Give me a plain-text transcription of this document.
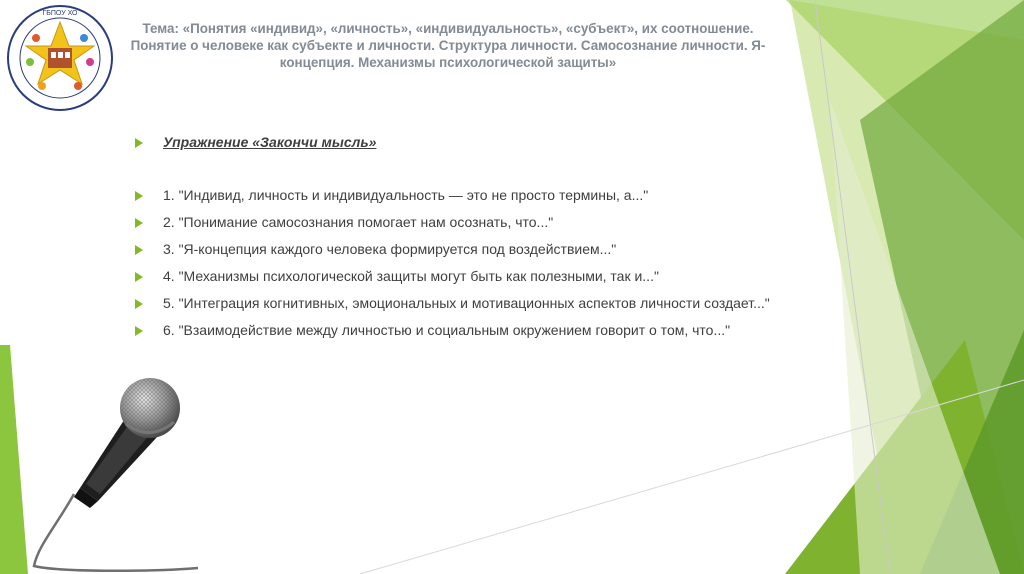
ГБПОУ ХО
Тема: «Понятия «индивид», «личность», «индивидуальность», «субъект», их соотношение. Понятие о человеке как субъекте и личности. Структура личности. Самосознание личности. Я-концепция. Механизмы психологической защиты»
Упражнение «Закончи мысль»
1. "Индивид, личность и индивидуальность — это не просто термины, а..."
2. "Понимание самосознания помогает нам осознать, что..."
3. "Я-концепция каждого человека формируется под воздействием..."
4. "Механизмы психологической защиты могут быть как полезными, так и..."
5. "Интеграция когнитивных, эмоциональных и мотивационных аспектов личности создает..."
6. "Взаимодействие между личностью и социальным окружением говорит о том, что..."
